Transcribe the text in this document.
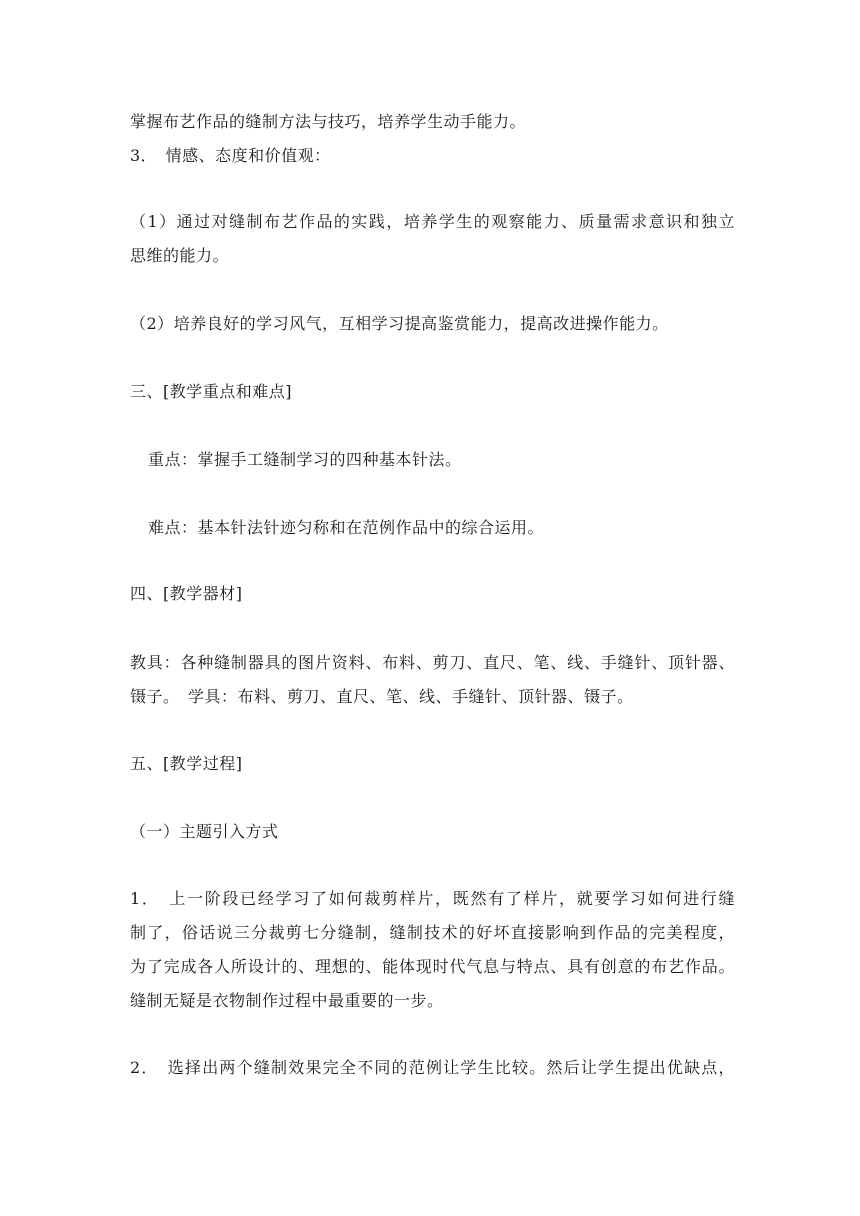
掌握布艺作品的缝制方法与技巧，培养学生动手能力。
3．　情感、态度和价值观：
（1）通过对缝制布艺作品的实践，培养学生的观察能力、质量需求意识和独立
思维的能力。
（2）培养良好的学习风气，互相学习提高鉴赏能力，提高改进操作能力。
三、[教学重点和难点]
重点：掌握手工缝制学习的四种基本针法。
难点：基本针法针迹匀称和在范例作品中的综合运用。
四、[教学器材]
教具：各种缝制器具的图片资料、布料、剪刀、直尺、笔、线、手缝针、顶针器、
镊子。　学具：布料、剪刀、直尺、笔、线、手缝针、顶针器、镊子。
五、[教学过程]
（一）主题引入方式
1．　上一阶段已经学习了如何裁剪样片，既然有了样片，就要学习如何进行缝
制了，俗话说三分裁剪七分缝制，缝制技术的好坏直接影响到作品的完美程度，
为了完成各人所设计的、理想的、能体现时代气息与特点、具有创意的布艺作品。
缝制无疑是衣物制作过程中最重要的一步。
2．　选择出两个缝制效果完全不同的范例让学生比较。然后让学生提出优缺点，
